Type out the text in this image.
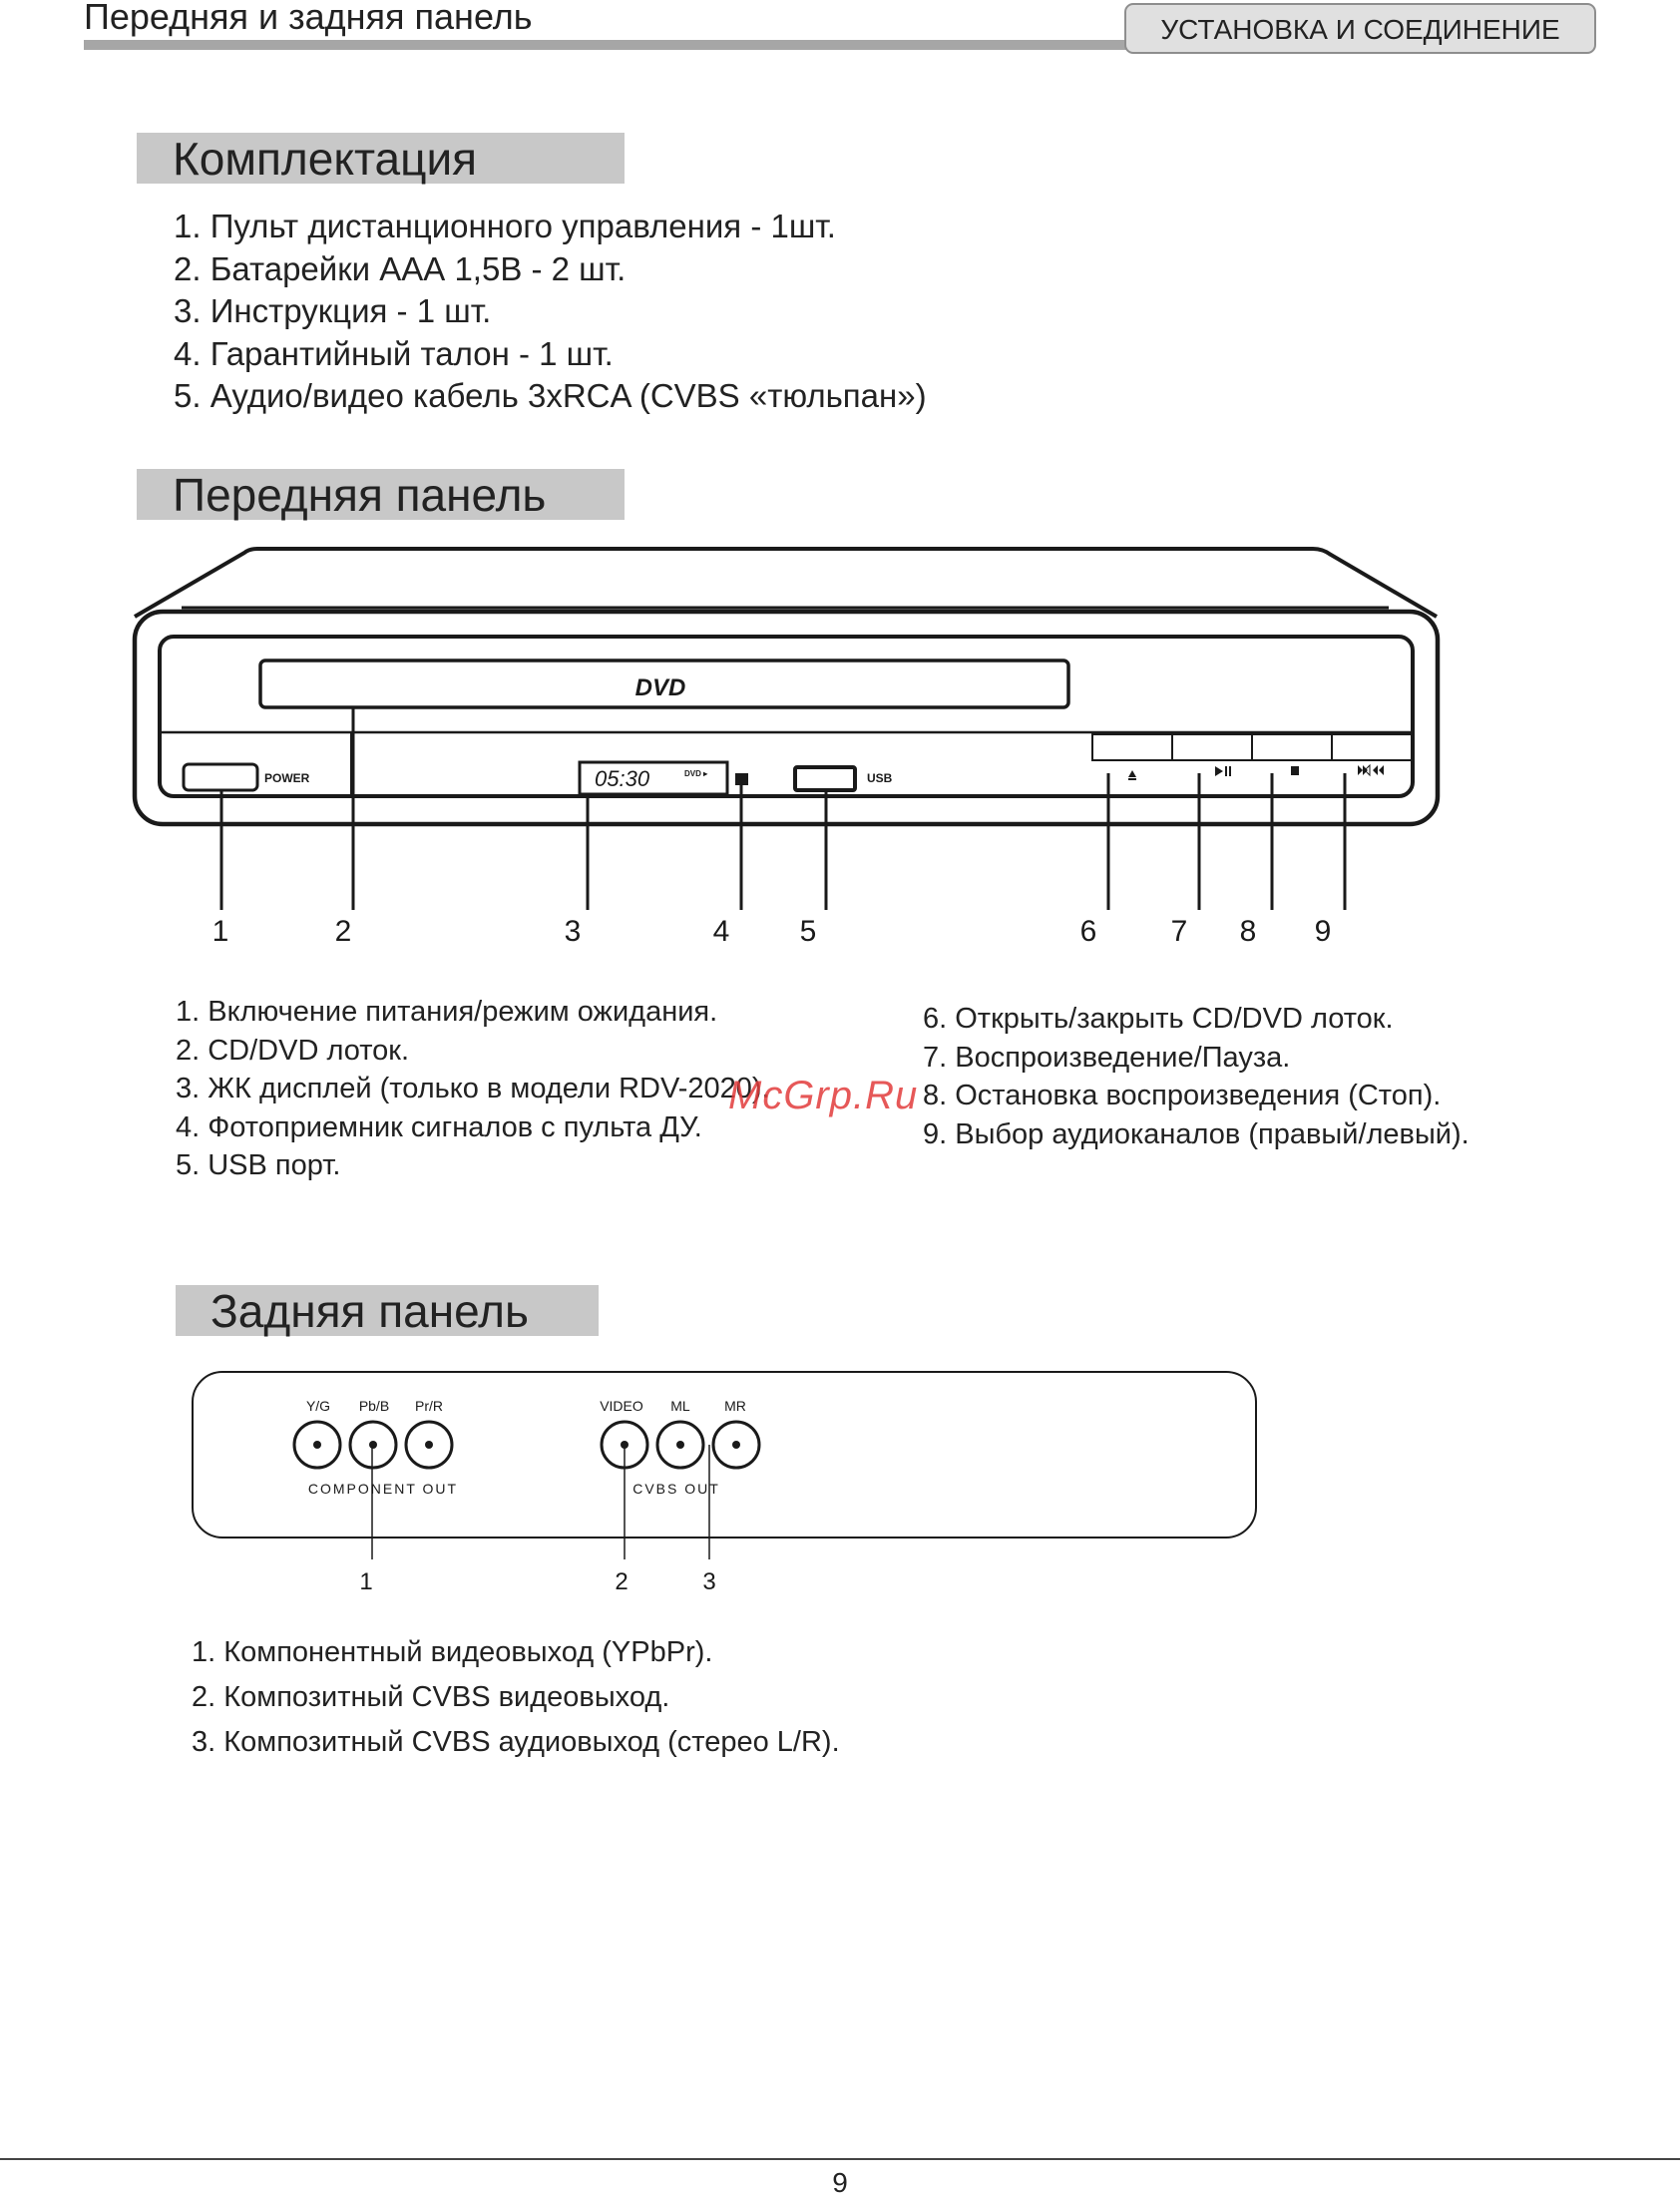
Передняя и задняя панель	УСТАНОВКА И СОЕДИНЕНИЕ
Комплектация
1. Пульт дистанционного управления - 1шт.
2. Батарейки ААА 1,5В - 2 шт.
3. Инструкция - 1 шт.
4. Гарантийный талон - 1 шт.
5. Аудио/видео кабель 3xRCA (CVBS «тюльпан»)
Передняя панель
DVD
POWER	05:30	DVD ▸	USB
1	2	3	4 5	6 7 8 9
1. Включение питания/режим ожидания.
2. CD/DVD лоток.
3. ЖК дисплей (только в модели RDV-2020).
4. Фотоприемник сигналов с пульта ДУ.
5. USB порт.
6. Открыть/закрыть CD/DVD лоток.
7. Воспроизведение/Пауза.
8. Остановка воспроизведения (Стоп).
9. Выбор аудиоканалов (правый/левый).
McGrp.Ru
Задняя панель
Y/G Pb/B Pr/R	VIDEO ML MR
COMPONENT OUT	CVBS OUT
1	2	3
1. Компонентный видеовыход (YPbPr).
2. Композитный CVBS видеовыход.
3. Композитный CVBS аудиовыход (стерео L/R).
9
